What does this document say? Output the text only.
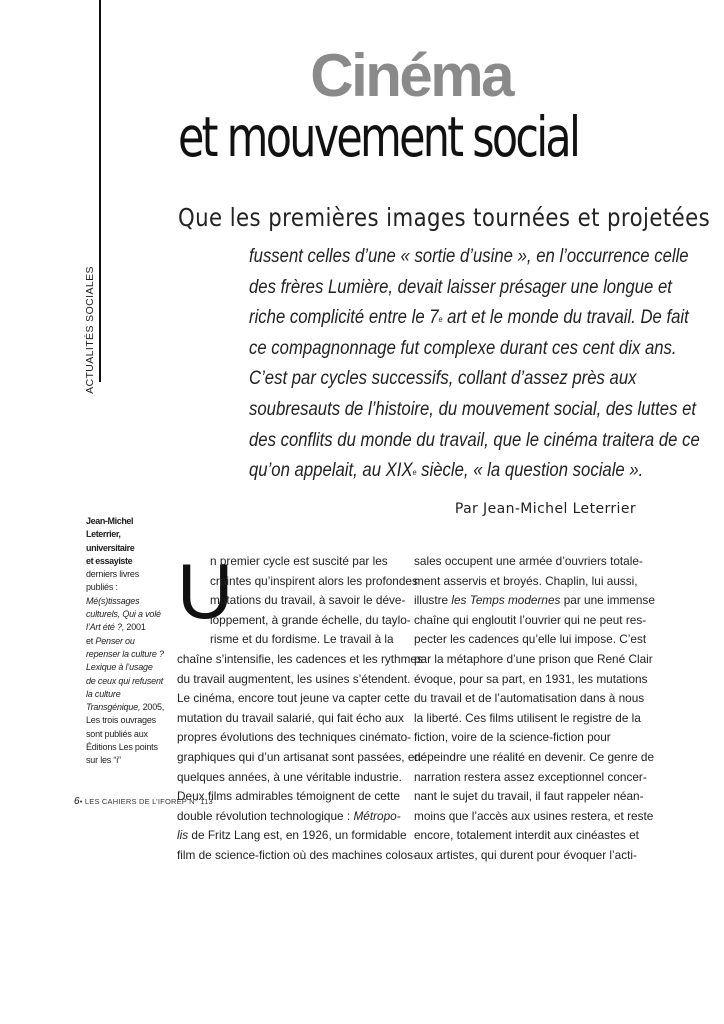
ACTUALITÉS SOCIALES
Cinéma
et mouvement social
Que les premières images tournées et projetées

fussent celles d’une « sortie d’usine », en l’occurrence celle

des frères Lumière, devait laisser présager une longue et

riche complicité entre le 7e art et le monde du travail. De fait

ce compagnonnage fut complexe durant ces cent dix ans.

C’est par cycles successifs, collant d’assez près aux

soubresauts de l’histoire, du mouvement social, des luttes et

des conflits du monde du travail, que le cinéma traitera de ce

qu’on appelait, au XIXe siècle, « la question sociale ».

Par Jean-Michel Leterrier
Jean-Michel
Leterrier,
universitaire
et essayiste
derniers livres
publiés :
Mé(s)tissages
culturels, Qui a volé
l’Art été ?, 2001
et Penser ou
repenser la culture ?
Lexique à l’usage
de ceux qui refusent
la culture
Transgénique, 2005,
Les trois ouvrages
sont publiés aux
Éditions Les points
sur les “i”
U
n premier cycle est suscité par les
craintes qu’inspirent alors les profondes
mutations du travail, à savoir le déve-
loppement, à grande échelle, du taylo-
risme et du fordisme. Le travail à la
chaîne s’intensifie, les cadences et les rythmes
du travail augmentent, les usines s’étendent.
Le cinéma, encore tout jeune va capter cette
mutation du travail salarié, qui fait écho aux
propres évolutions des techniques cinémato-
graphiques qui d’un artisanat sont passées, en
quelques années, à une véritable industrie.
Deux films admirables témoignent de cette
double révolution technologique : Métropo-
lis de Fritz Lang est, en 1926, un formidable
film de science-fiction où des machines colos-
sales occupent une armée d’ouvriers totale-
ment asservis et broyés. Chaplin, lui aussi,
illustre les Temps modernes par une immense
chaîne qui engloutit l’ouvrier qui ne peut res-
pecter les cadences qu’elle lui impose. C’est
par la métaphore d’une prison que René Clair
évoque, pour sa part, en 1931, les mutations
du travail et de l’automatisation dans à nous
la liberté. Ces films utilisent le registre de la
fiction, voire de la science-fiction pour
dépeindre une réalité en devenir. Ce genre de
narration restera assez exceptionnel concer-
nant le sujet du travail, il faut rappeler néan-
moins que l’accès aux usines restera, et reste
encore, totalement interdit aux cinéastes et
aux artistes, qui durent pour évoquer l’acti-
6• LES CAHIERS DE L’IFOREP N° 113
